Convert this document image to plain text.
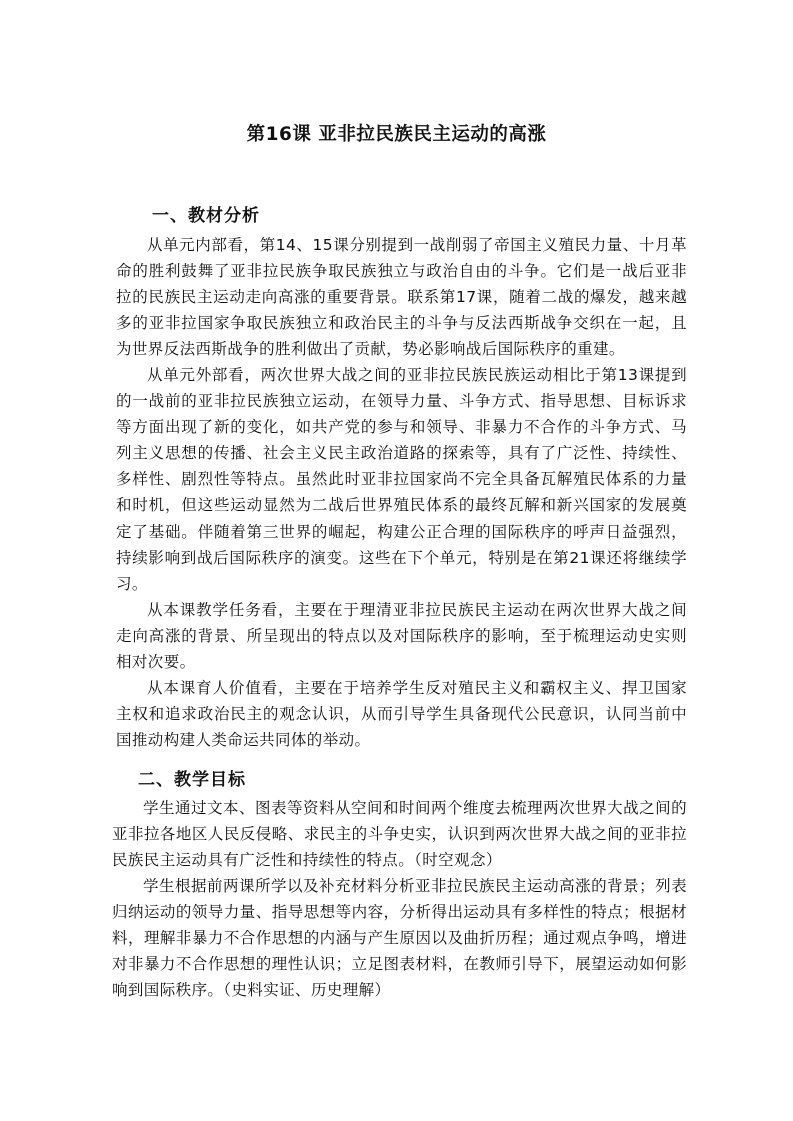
第16课 亚非拉民族民主运动的高涨
一、教材分析
从单元内部看，第14、15课分别提到一战削弱了帝国主义殖民力量、十月革命的胜利鼓舞了亚非拉民族争取民族独立与政治自由的斗争。它们是一战后亚非拉的民族民主运动走向高涨的重要背景。联系第17课，随着二战的爆发，越来越多的亚非拉国家争取民族独立和政治民主的斗争与反法西斯战争交织在一起，且为世界反法西斯战争的胜利做出了贡献，势必影响战后国际秩序的重建。
从单元外部看，两次世界大战之间的亚非拉民族民族运动相比于第13课提到的一战前的亚非拉民族独立运动，在领导力量、斗争方式、指导思想、目标诉求等方面出现了新的变化，如共产党的参与和领导、非暴力不合作的斗争方式、马列主义思想的传播、社会主义民主政治道路的探索等，具有了广泛性、持续性、多样性、剧烈性等特点。虽然此时亚非拉国家尚不完全具备瓦解殖民体系的力量和时机，但这些运动显然为二战后世界殖民体系的最终瓦解和新兴国家的发展奠定了基础。伴随着第三世界的崛起，构建公正合理的国际秩序的呼声日益强烈，持续影响到战后国际秩序的演变。这些在下个单元，特别是在第21课还将继续学习。
从本课教学任务看，主要在于理清亚非拉民族民主运动在两次世界大战之间走向高涨的背景、所呈现出的特点以及对国际秩序的影响，至于梳理运动史实则相对次要。
从本课育人价值看，主要在于培养学生反对殖民主义和霸权主义、捍卫国家主权和追求政治民主的观念认识，从而引导学生具备现代公民意识，认同当前中国推动构建人类命运共同体的举动。
二、教学目标
学生通过文本、图表等资料从空间和时间两个维度去梳理两次世界大战之间的亚非拉各地区人民反侵略、求民主的斗争史实，认识到两次世界大战之间的亚非拉民族民主运动具有广泛性和持续性的特点。（时空观念）
学生根据前两课所学以及补充材料分析亚非拉民族民主运动高涨的背景；列表归纳运动的领导力量、指导思想等内容，分析得出运动具有多样性的特点；根据材料，理解非暴力不合作思想的内涵与产生原因以及曲折历程；通过观点争鸣，增进对非暴力不合作思想的理性认识；立足图表材料，在教师引导下，展望运动如何影响到国际秩序。（史料实证、历史理解）
